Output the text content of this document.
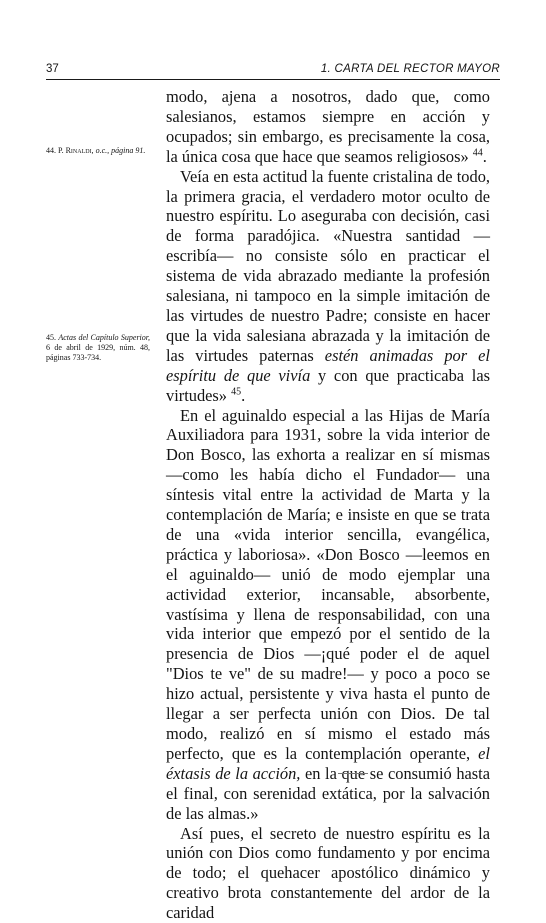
37	1. CARTA DEL RECTOR MAYOR
44. P. Rinaldi, o.c., página 91.
45. Actas del Capítulo Superior, 6 de abril de 1929, núm. 48, páginas 733-734.

modo, ajena a nosotros, dado que, como salesianos, estamos siempre en acción y ocupados; sin embargo, es precisamente la cosa, la única cosa que hace que seamos religiosos» $^{44}$.

Veía en esta actitud la fuente cristalina de todo, la primera gracia, el verdadero motor oculto de nuestro espíritu. Lo aseguraba con decisión, casi de forma paradójica. «Nuestra santidad —escribía— no consiste sólo en practicar el sistema de vida abrazado mediante la profesión salesiana, ni tampoco en la simple imitación de las virtudes de nuestro Padre; consiste en hacer que la vida salesiana abrazada y la imitación de las virtudes paternas estén animadas por el espíritu de que vivía y con que practicaba las virtudes» $^{45}$.

En el aguinaldo especial a las Hijas de María Auxiliadora para 1931, sobre la vida interior de Don Bosco, las exhorta a realizar en sí mismas —como les había dicho el Fundador— una síntesis vital entre la actividad de Marta y la contemplación de María; e insiste en que se trata de una «vida interior sencilla, evangélica, práctica y laboriosa». «Don Bosco —leemos en el aguinaldo— unió de modo ejemplar una actividad exterior, incansable, absorbente, vastísima y llena de responsabilidad, con una vida interior que empezó por el sentido de la presencia de Dios —¡qué poder el de aquel "Dios te ve" de su madre!— y poco a poco se hizo actual, persistente y viva hasta el punto de llegar a ser perfecta unión con Dios. De tal modo, realizó en sí mismo el estado más perfecto, que es la contemplación operante, el éxtasis de la acción, en la que se consumió hasta el final, con serenidad extática, por la salvación de las almas.»

Así pues, el secreto de nuestro espíritu es la unión con Dios como fundamento y por encima de todo; el quehacer apostólico dinámico y creativo brota constantemente del ardor de la caridad
